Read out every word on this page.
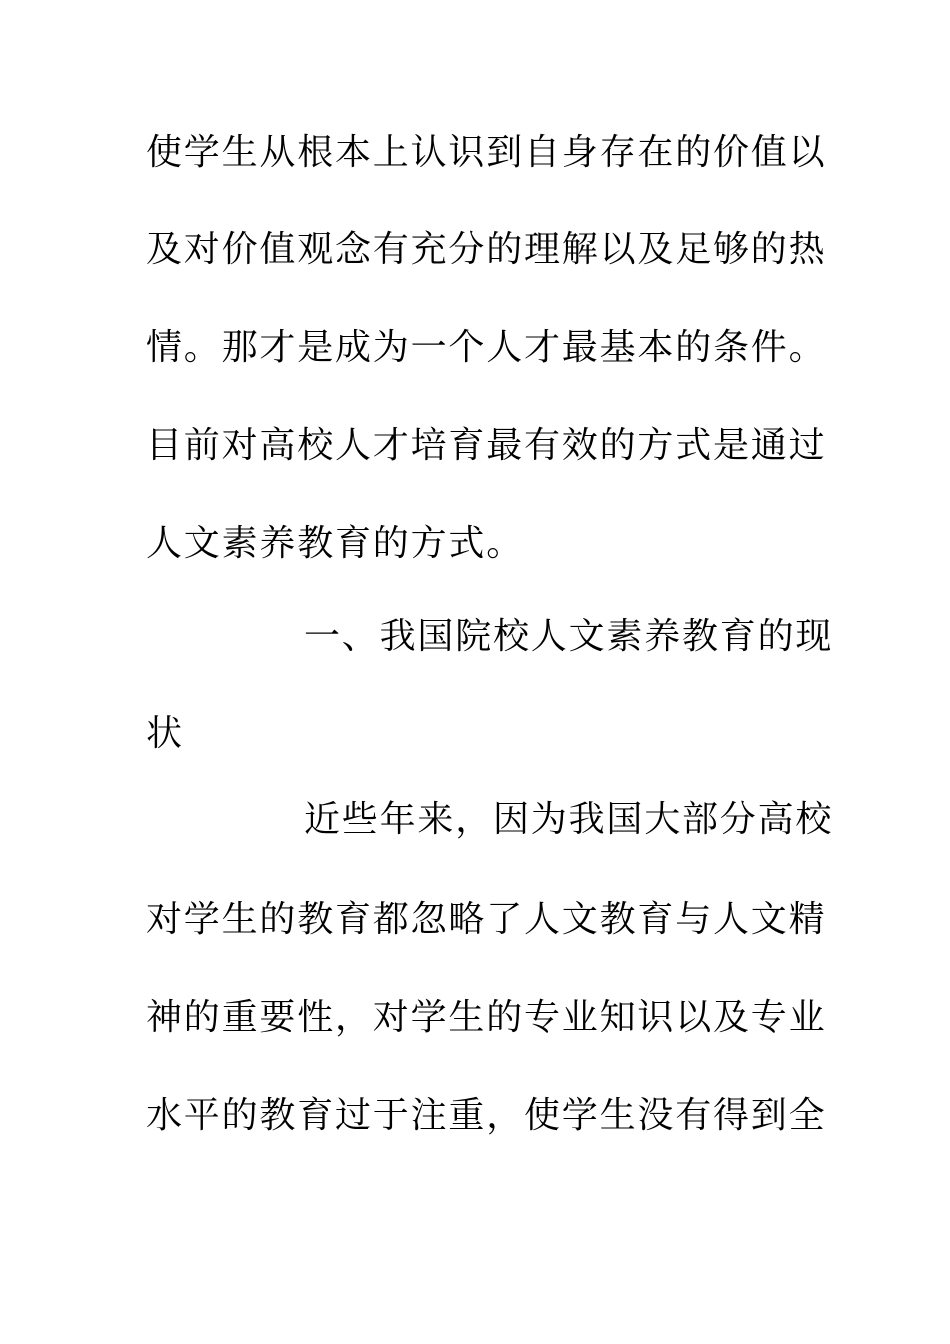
使学生从根本上认识到自身存在的价值以
及对价值观念有充分的理解以及足够的热
情。那才是成为一个人才最基本的条件。
目前对高校人才培育最有效的方式是通过
人文素养教育的方式。
一、我国院校人文素养教育的现
状
近些年来，因为我国大部分高校
对学生的教育都忽略了人文教育与人文精
神的重要性，对学生的专业知识以及专业
水平的教育过于注重，使学生没有得到全
